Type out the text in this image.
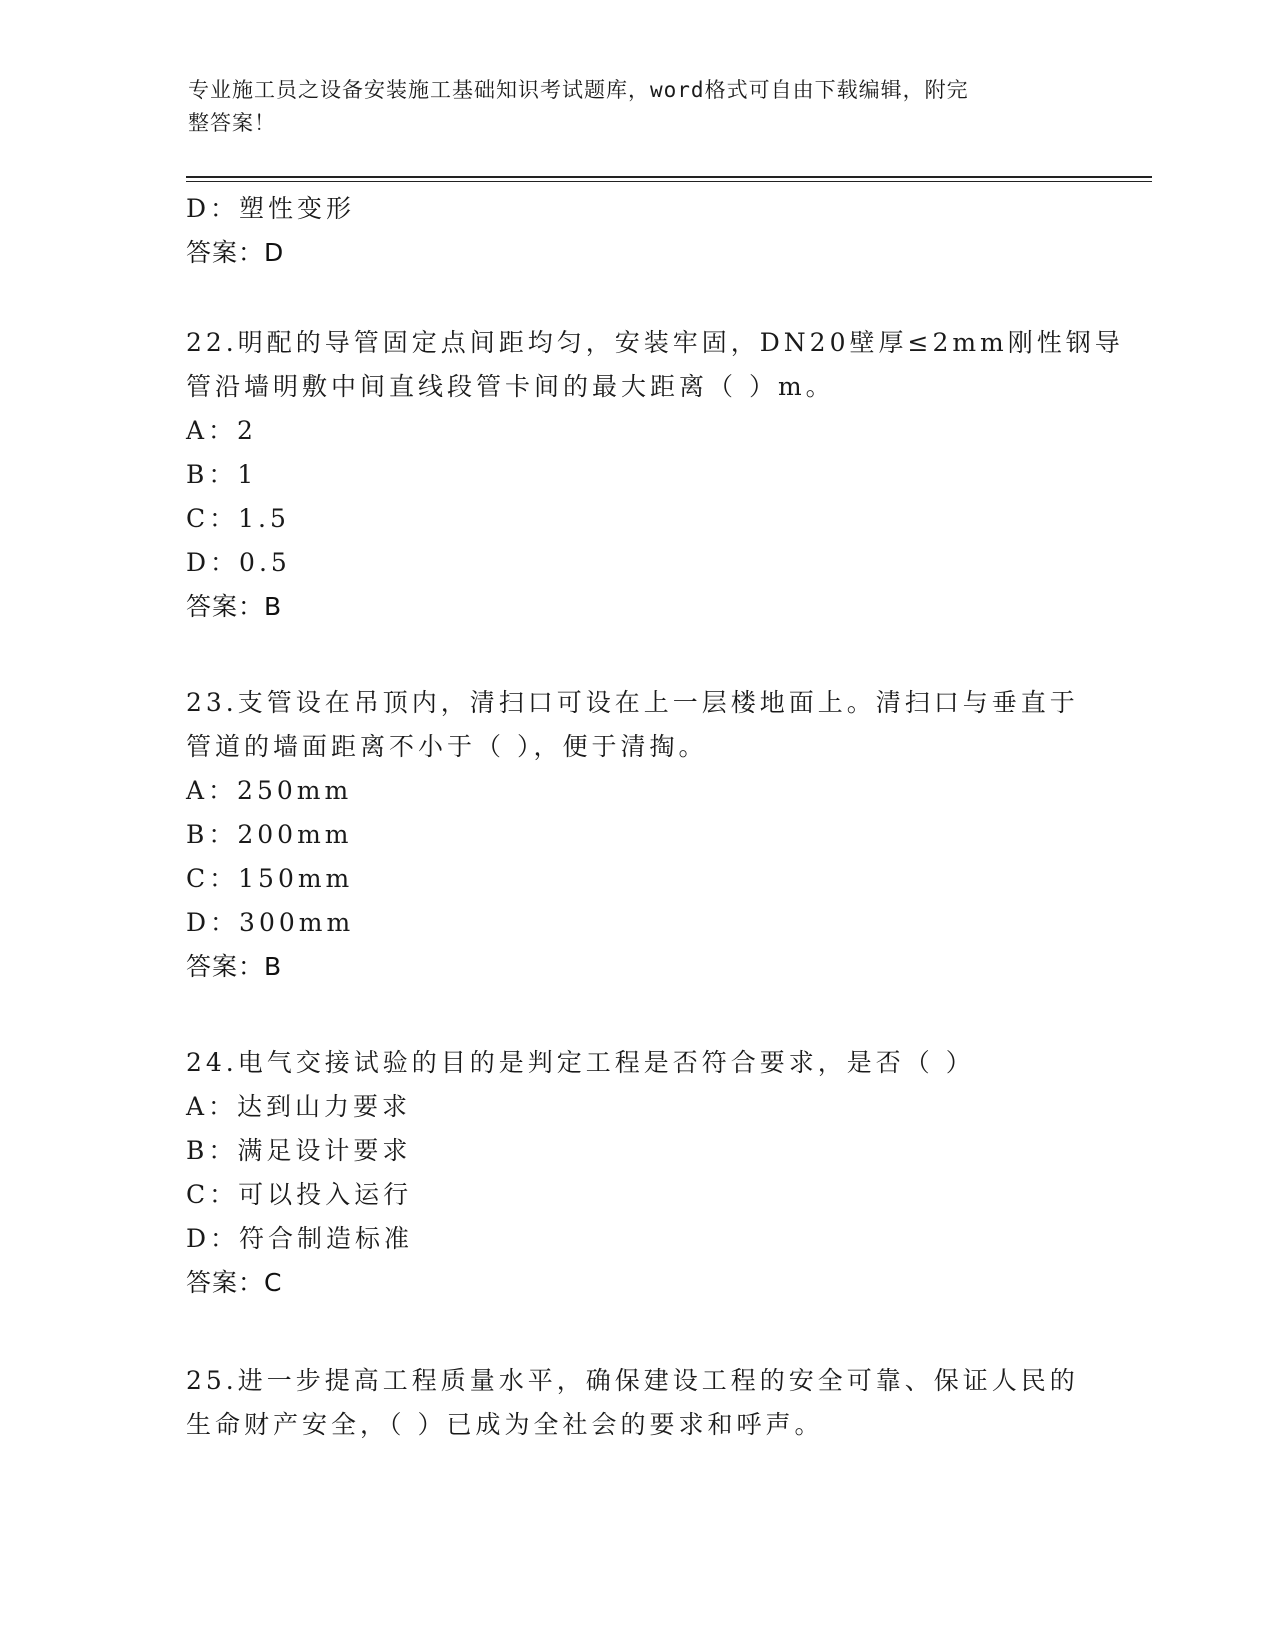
专业施工员之设备安装施工基础知识考试题库，word格式可自由下载编辑，附完
整答案！
D：塑性变形
答案：D
22.明配的导管固定点间距均匀，安装牢固，DN20壁厚≤2mm刚性钢导
管沿墙明敷中间直线段管卡间的最大距离（ ）m。
A：2
B：1
C：1.5
D：0.5
答案：B
23.支管设在吊顶内，清扫口可设在上一层楼地面上。清扫口与垂直于
管道的墙面距离不小于（ ），便于清掏。
A：250mm
B：200mm
C：150mm
D：300mm
答案：B
24.电气交接试验的目的是判定工程是否符合要求，是否（ ）
A：达到山力要求
B：满足设计要求
C：可以投入运行
D：符合制造标准
答案：C
25.进一步提高工程质量水平，确保建设工程的安全可靠、保证人民的
生命财产安全，（ ）已成为全社会的要求和呼声。
